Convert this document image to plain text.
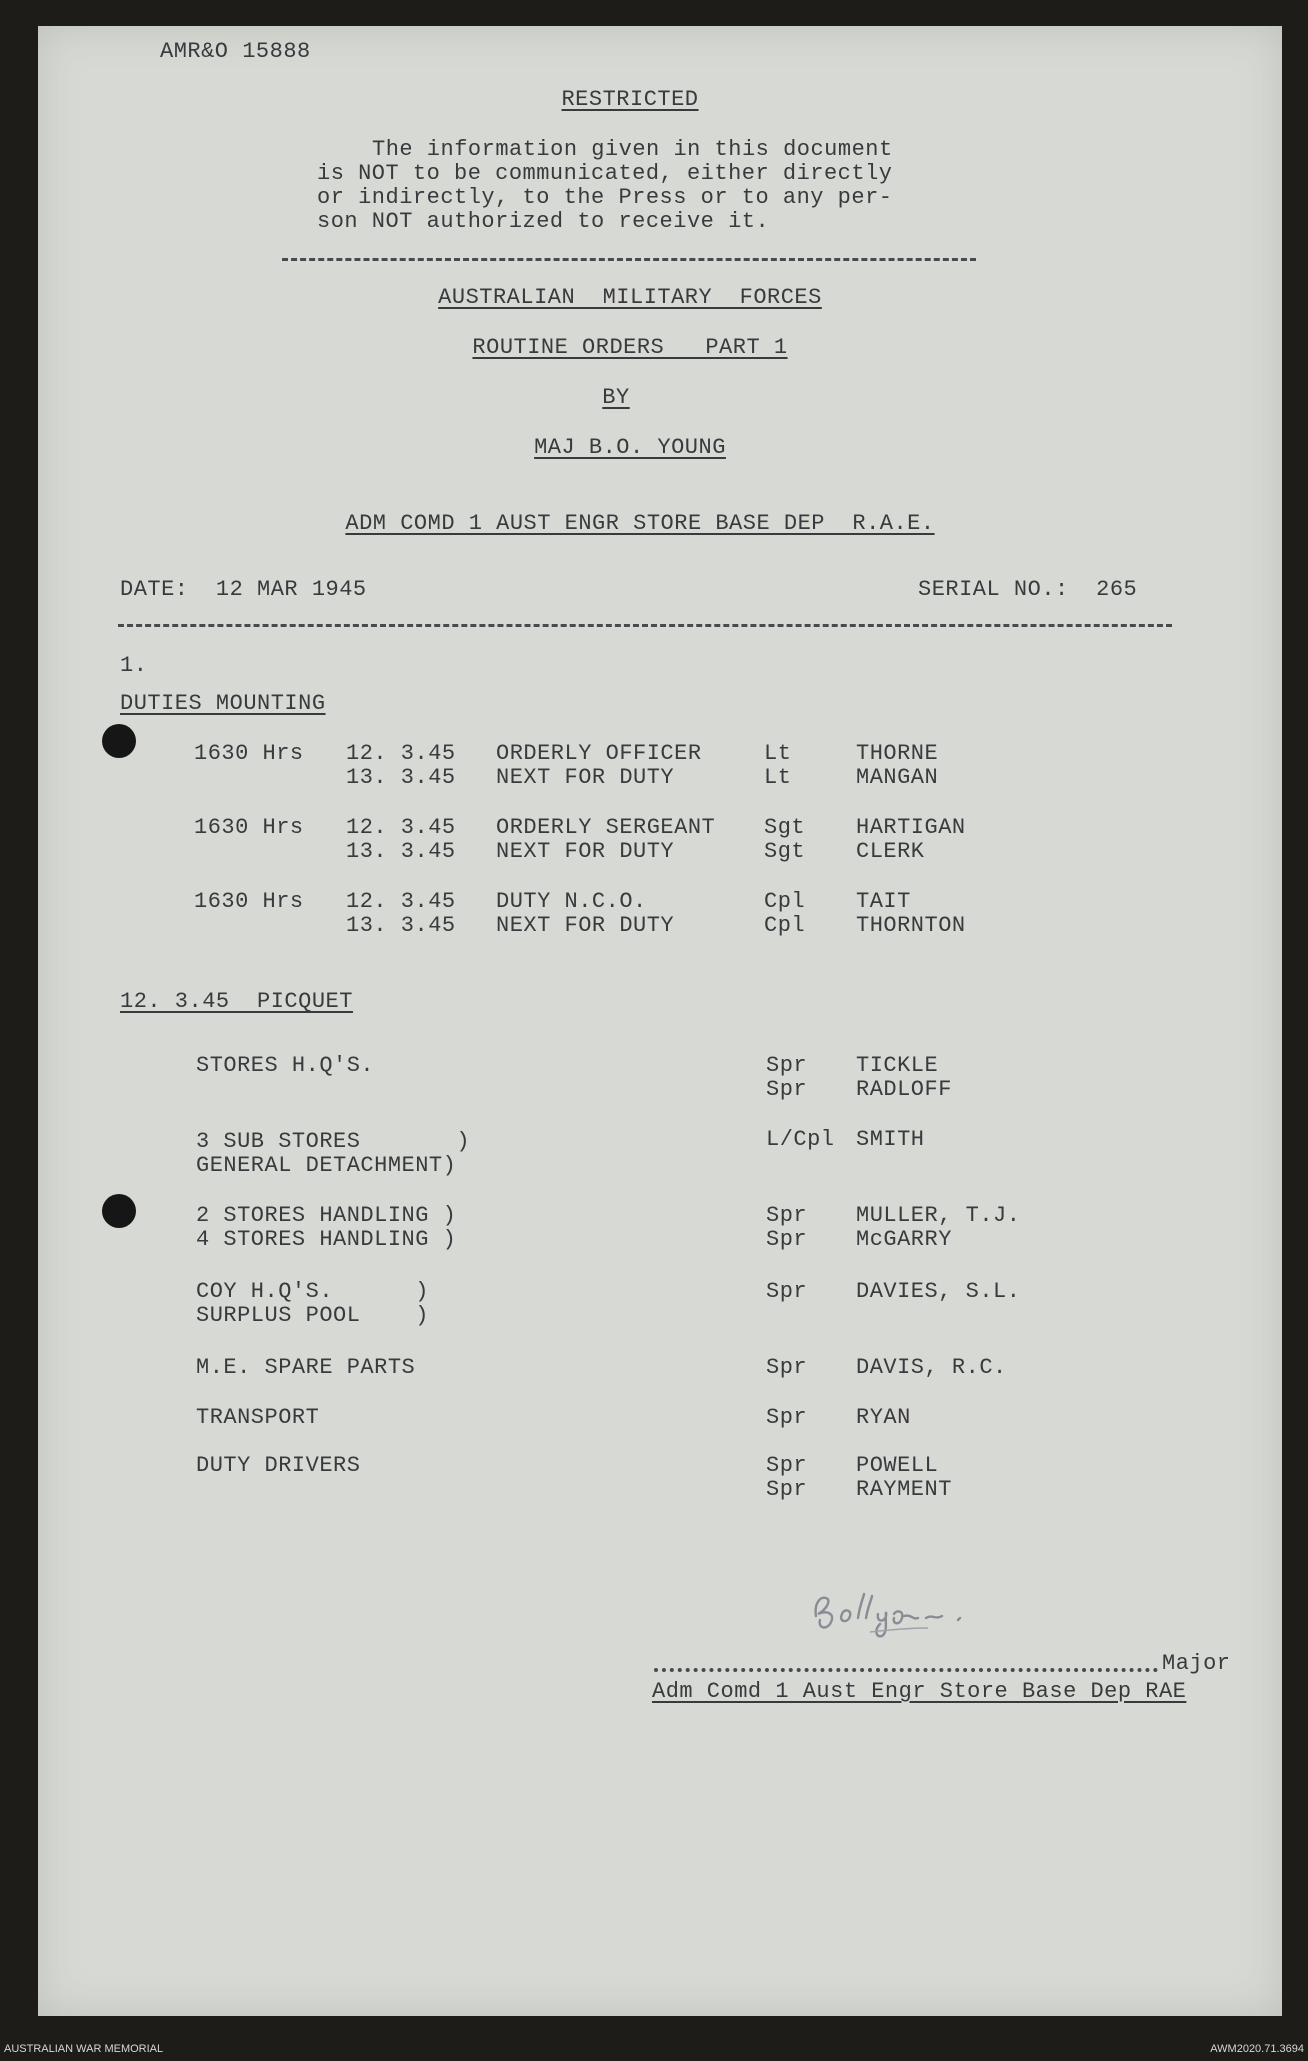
AMR&O 15888
RESTRICTED
The information given in this document
is NOT to be communicated, either directly
or indirectly, to the Press or to any per-
son NOT authorized to receive it.
AUSTRALIAN  MILITARY  FORCES
ROUTINE ORDERS   PART 1
BY
MAJ B.O. YOUNG
ADM COMD 1 AUST ENGR STORE BASE DEP  R.A.E.
DATE:  12 MAR 1945	SERIAL NO.:  265
1.
DUTIES MOUNTING
1630 Hrs 12. 3.45 ORDERLY OFFICER	Lt	THORNE
13. 3.45 NEXT FOR DUTY	Lt	MANGAN
1630 Hrs 12. 3.45 ORDERLY SERGEANT Sgt HARTIGAN
13. 3.45 NEXT FOR DUTY	Sgt CLERK
1630 Hrs 12. 3.45 DUTY N.C.O.	Cpl TAIT
13. 3.45 NEXT FOR DUTY	Cpl THORNTON
12. 3.45  PICQUET
STORES H.Q'S.	Spr TICKLE
Spr RADLOFF
3 SUB STORES       )	L/Cpl SMITH
GENERAL DETACHMENT)
2 STORES HANDLING )	Spr MULLER, T.J.
4 STORES HANDLING )	Spr McGARRY
COY H.Q'S.      )	Spr DAVIES, S.L.
SURPLUS POOL    )
M.E. SPARE PARTS	Spr DAVIS, R.C.
TRANSPORT	Spr RYAN
DUTY DRIVERS	Spr POWELL
Spr RAYMENT
Major
Adm Comd 1 Aust Engr Store Base Dep RAE
AUSTRALIAN WAR MEMORIAL	AWM2020.71.3694
